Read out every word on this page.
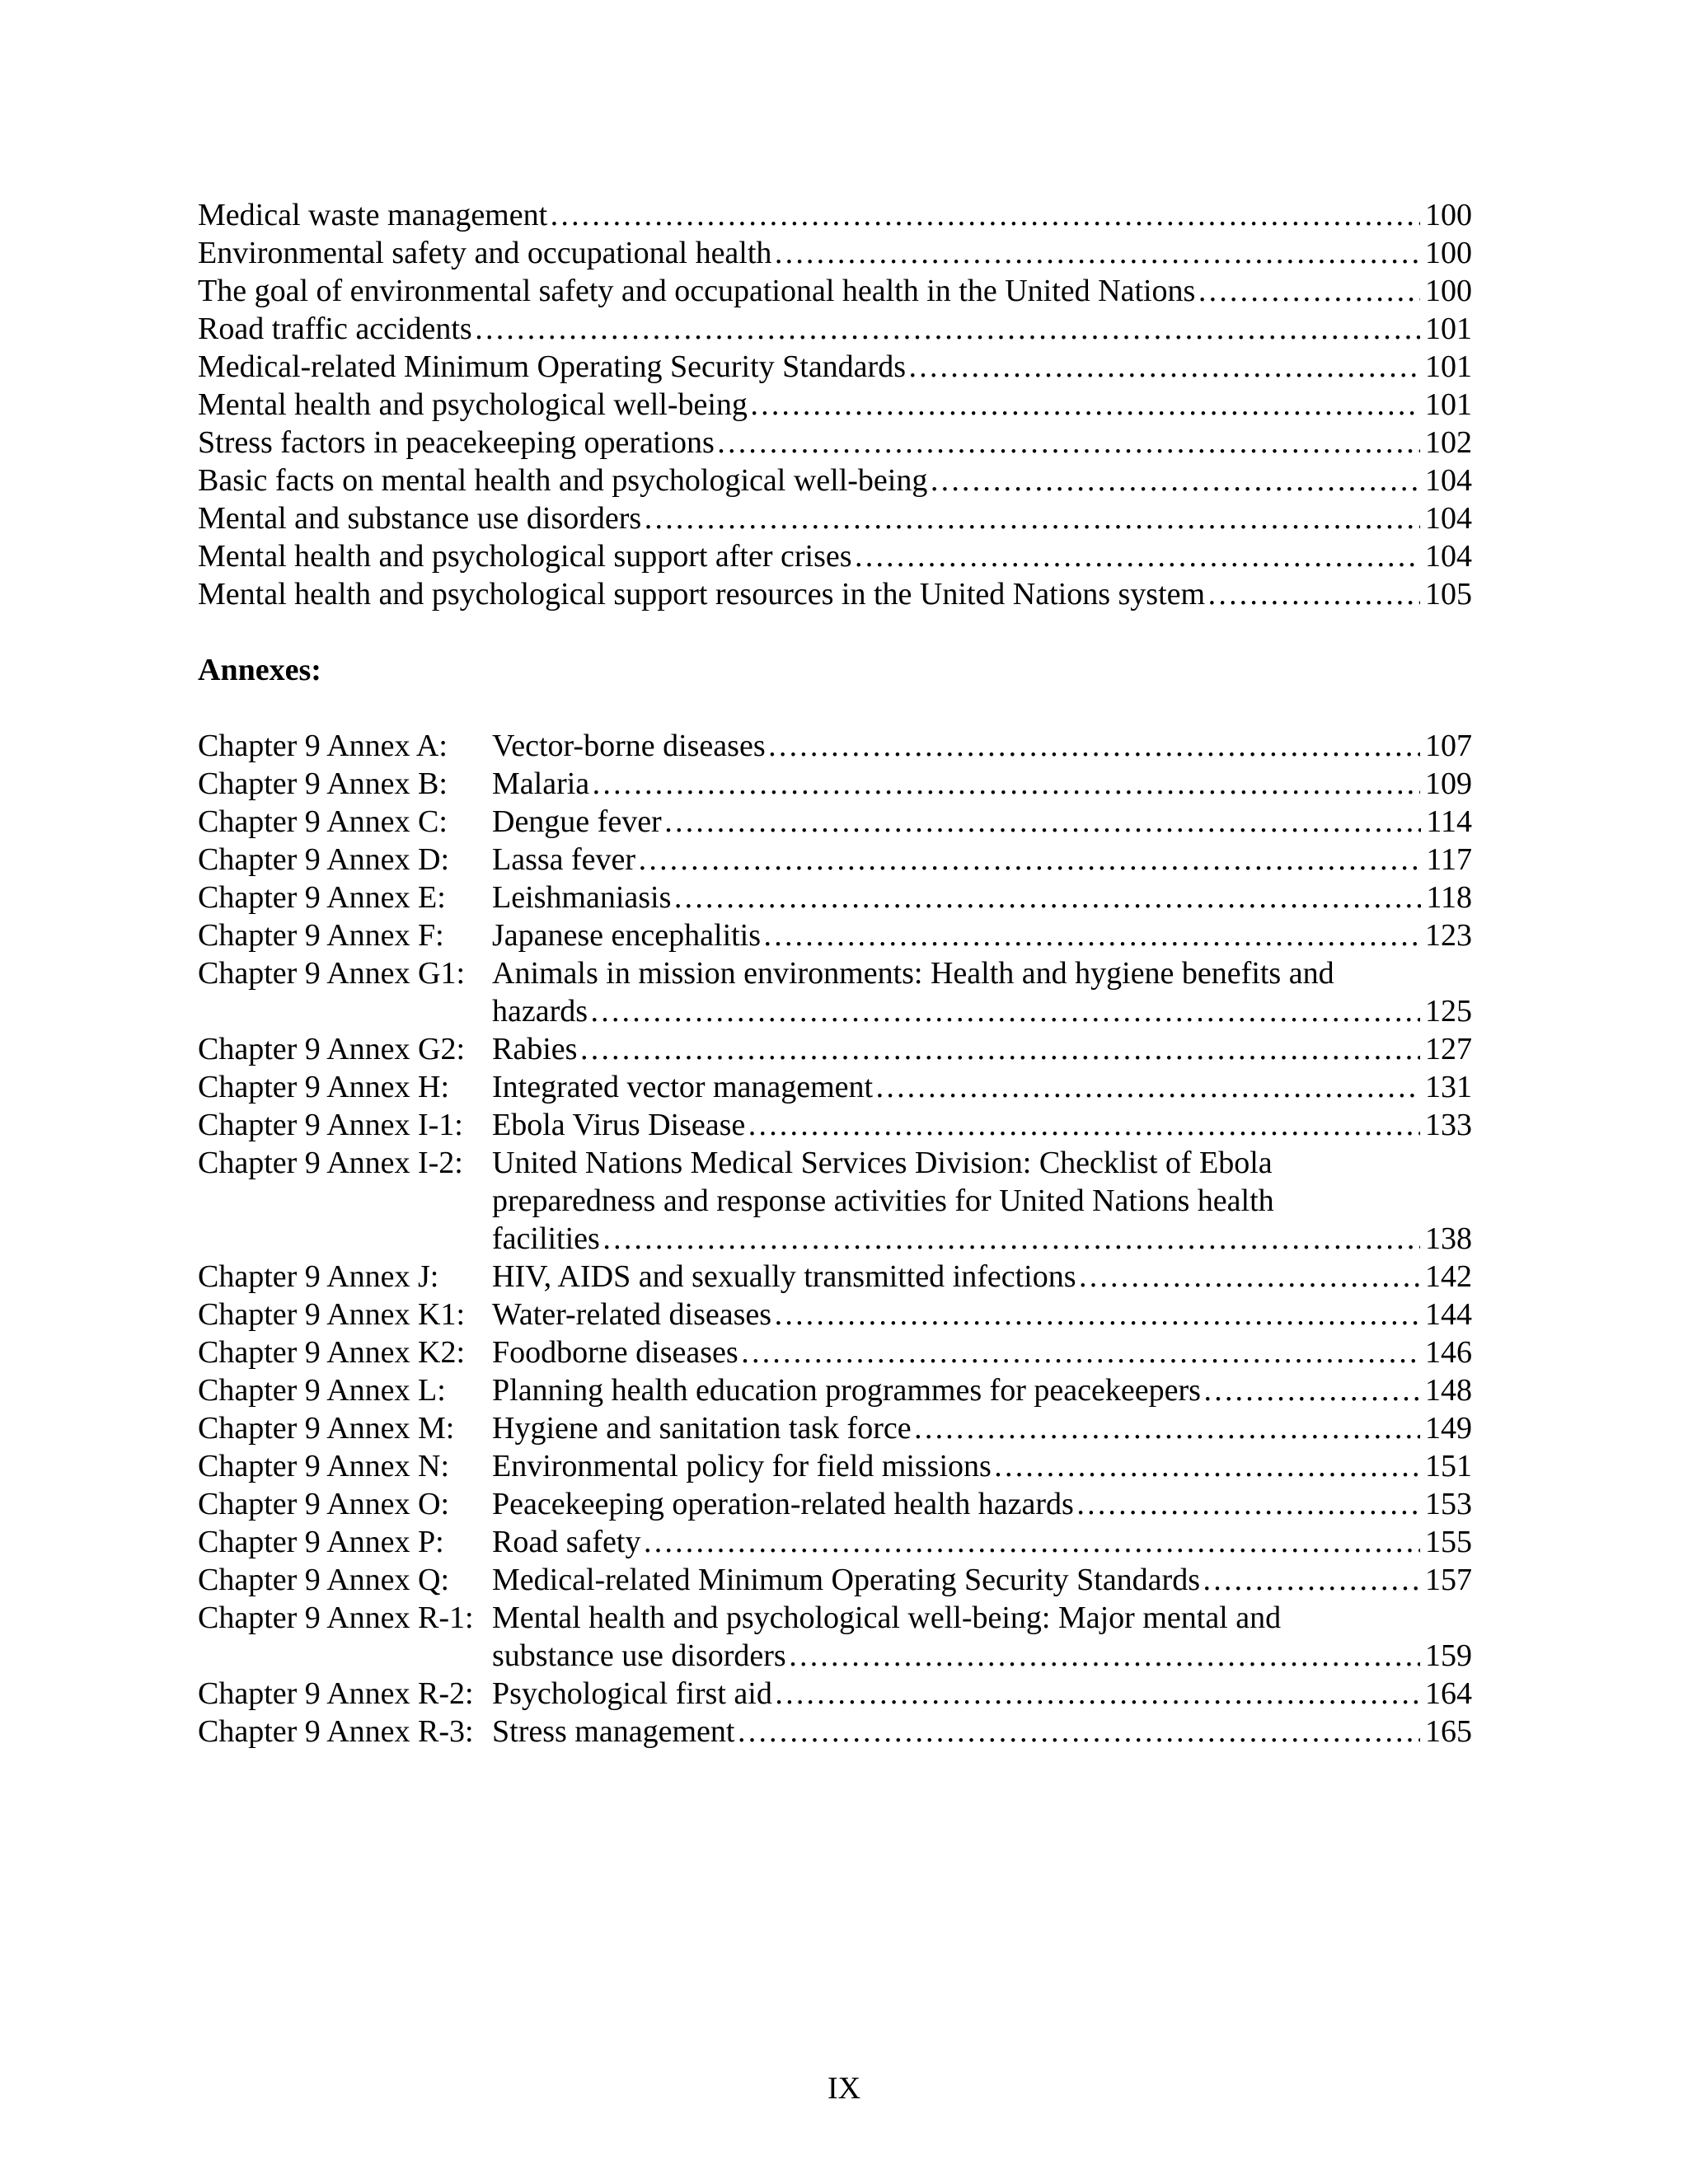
Medical waste management …………………………………………………………………………………………………………………………………………………………………………………………………………………………………………………………………	100
Environmental safety and occupational health …………………………………………………………………………………………………………………………………………………………………………………………………………………………………………………………………	100
The goal of environmental safety and occupational health in the United Nations …………………………………………………………………………………………………………………………………………………………………………………………………………………………………………………………………	100
Road traffic accidents …………………………………………………………………………………………………………………………………………………………………………………………………………………………………………………………………	101
Medical-related Minimum Operating Security Standards …………………………………………………………………………………………………………………………………………………………………………………………………………………………………………………………………	101
Mental health and psychological well-being …………………………………………………………………………………………………………………………………………………………………………………………………………………………………………………………………	101
Stress factors in peacekeeping operations …………………………………………………………………………………………………………………………………………………………………………………………………………………………………………………………………	102
Basic facts on mental health and psychological well-being …………………………………………………………………………………………………………………………………………………………………………………………………………………………………………………………………	104
Mental and substance use disorders …………………………………………………………………………………………………………………………………………………………………………………………………………………………………………………………………	104
Mental health and psychological support after crises …………………………………………………………………………………………………………………………………………………………………………………………………………………………………………………………………	104
Mental health and psychological support resources in the United Nations system …………………………………………………………………………………………………………………………………………………………………………………………………………………………………………………………………	105
Annexes:
Chapter 9 Annex A:	Vector-borne diseases …………………………………………………………………………………………………………………………………………………………………………………………………………………………………………………………………	107
Chapter 9 Annex B:	Malaria …………………………………………………………………………………………………………………………………………………………………………………………………………………………………………………………………	109
Chapter 9 Annex C:	Dengue fever …………………………………………………………………………………………………………………………………………………………………………………………………………………………………………………………………	114
Chapter 9 Annex D:	Lassa fever …………………………………………………………………………………………………………………………………………………………………………………………………………………………………………………………………	117
Chapter 9 Annex E:	Leishmaniasis …………………………………………………………………………………………………………………………………………………………………………………………………………………………………………………………………	118
Chapter 9 Annex F:	Japanese encephalitis …………………………………………………………………………………………………………………………………………………………………………………………………………………………………………………………………	123
Chapter 9 Annex G1: Animals in mission environments: Health and hygiene benefits and
hazards …………………………………………………………………………………………………………………………………………………………………………………………………………………………………………………………………	125
Chapter 9 Annex G2: Rabies …………………………………………………………………………………………………………………………………………………………………………………………………………………………………………………………………	127
Chapter 9 Annex H:	Integrated vector management …………………………………………………………………………………………………………………………………………………………………………………………………………………………………………………………………	131
Chapter 9 Annex I-1: Ebola Virus Disease …………………………………………………………………………………………………………………………………………………………………………………………………………………………………………………………………	133
Chapter 9 Annex I-2: United Nations Medical Services Division: Checklist of Ebola
preparedness and response activities for United Nations health
facilities …………………………………………………………………………………………………………………………………………………………………………………………………………………………………………………………………	138
Chapter 9 Annex J:	HIV, AIDS and sexually transmitted infections …………………………………………………………………………………………………………………………………………………………………………………………………………………………………………………………………	142
Chapter 9 Annex K1: Water-related diseases …………………………………………………………………………………………………………………………………………………………………………………………………………………………………………………………………	144
Chapter 9 Annex K2: Foodborne diseases …………………………………………………………………………………………………………………………………………………………………………………………………………………………………………………………………	146
Chapter 9 Annex L:	Planning health education programmes for peacekeepers …………………………………………………………………………………………………………………………………………………………………………………………………………………………………………………………………	148
Chapter 9 Annex M:	Hygiene and sanitation task force …………………………………………………………………………………………………………………………………………………………………………………………………………………………………………………………………	149
Chapter 9 Annex N:	Environmental policy for field missions …………………………………………………………………………………………………………………………………………………………………………………………………………………………………………………………………	151
Chapter 9 Annex O:	Peacekeeping operation-related health hazards …………………………………………………………………………………………………………………………………………………………………………………………………………………………………………………………………	153
Chapter 9 Annex P:	Road safety …………………………………………………………………………………………………………………………………………………………………………………………………………………………………………………………………	155
Chapter 9 Annex Q:	Medical-related Minimum Operating Security Standards …………………………………………………………………………………………………………………………………………………………………………………………………………………………………………………………………	157
Chapter 9 Annex R-1: Mental health and psychological well-being: Major mental and
substance use disorders …………………………………………………………………………………………………………………………………………………………………………………………………………………………………………………………………	159
Chapter 9 Annex R-2: Psychological first aid …………………………………………………………………………………………………………………………………………………………………………………………………………………………………………………………………	164
Chapter 9 Annex R-3: Stress management …………………………………………………………………………………………………………………………………………………………………………………………………………………………………………………………………	165
IX
